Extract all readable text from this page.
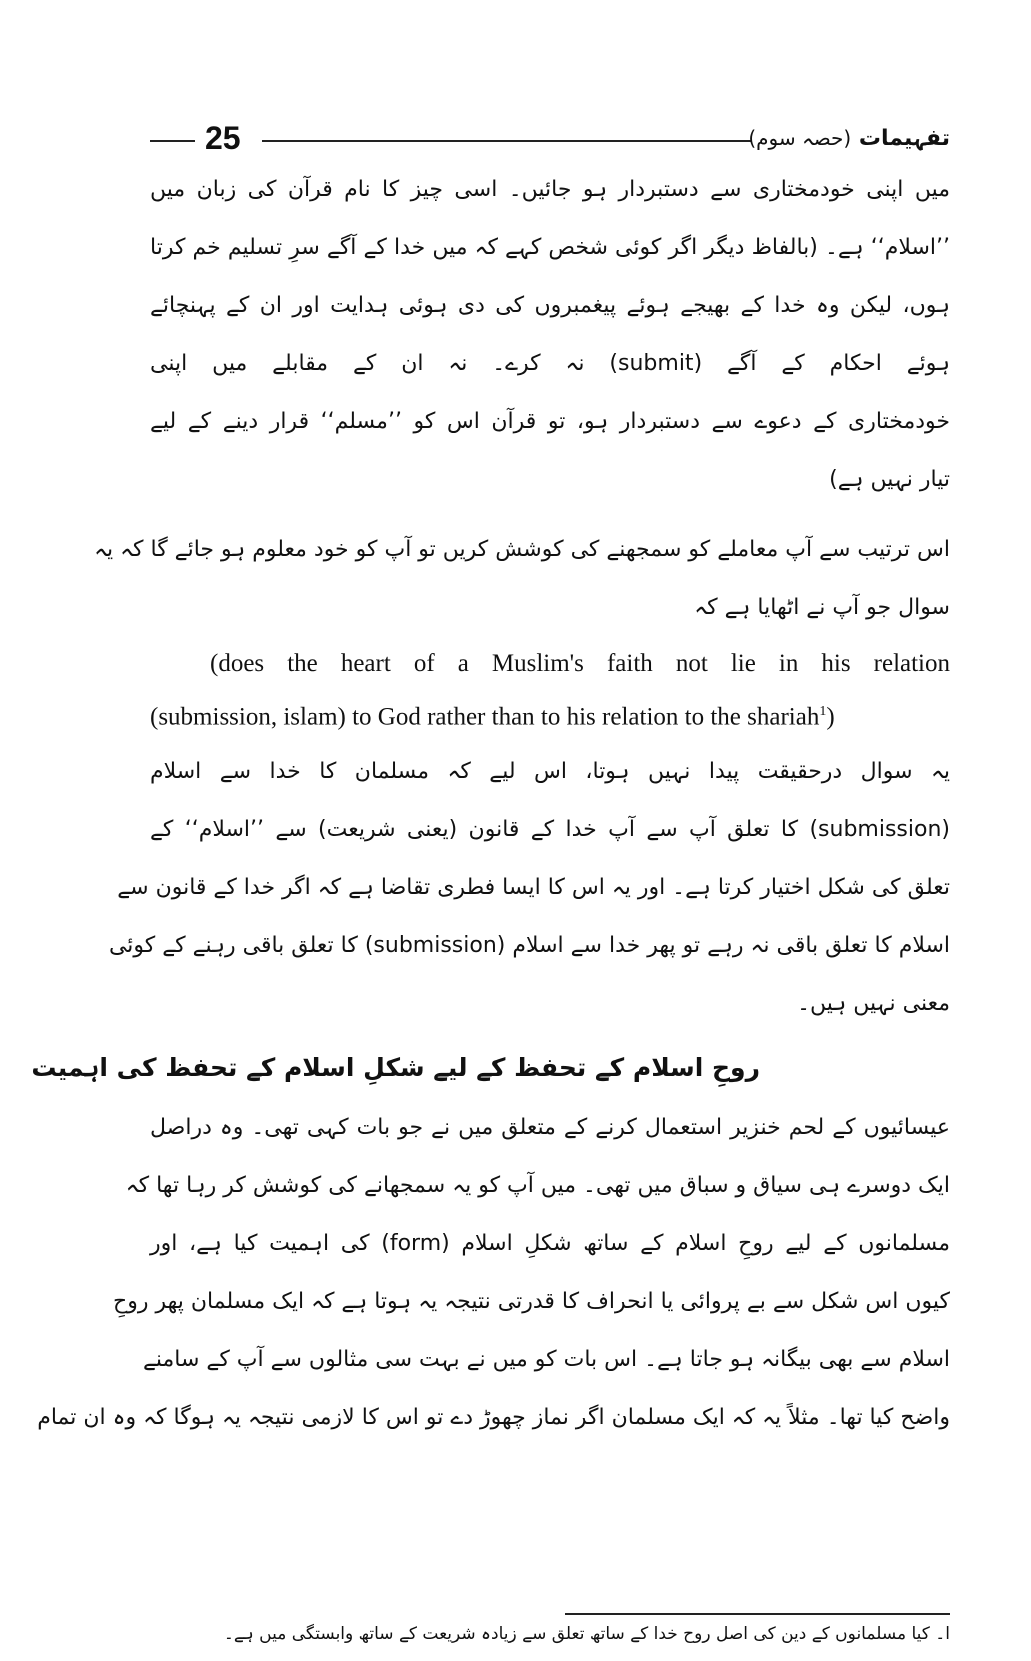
25	تفہیمات (حصہ سوم)
میں اپنی خودمختاری سے دستبردار ہو جائیں۔ اسی چیز کا نام قرآن کی زبان میں
’’اسلام‘‘ ہے۔ (بالفاظ دیگر اگر کوئی شخص کہے کہ میں خدا کے آگے سرِ تسلیم خم کرتا
ہوں، لیکن وہ خدا کے بھیجے ہوئے پیغمبروں کی دی ہوئی ہدایت اور ان کے پہنچائے
ہوئے احکام کے آگے (submit) نہ کرے۔ نہ ان کے مقابلے میں اپنی
خودمختاری کے دعوے سے دستبردار ہو، تو قرآن اس کو ’’مسلم‘‘ قرار دینے کے لیے
تیار نہیں ہے)
اس ترتیب سے آپ معاملے کو سمجھنے کی کوشش کریں تو آپ کو خود معلوم ہو جائے گا کہ یہ
سوال جو آپ نے اٹھایا ہے کہ
(does the heart of a Muslim's faith not lie in his relation
(submission, islam) to God rather than to his relation to the shariah$^1$)
یہ سوال درحقیقت پیدا نہیں ہوتا، اس لیے کہ مسلمان کا خدا سے اسلام
(submission) کا تعلق آپ سے آپ خدا کے قانون (یعنی شریعت) سے ’’اسلام‘‘ کے
تعلق کی شکل اختیار کرتا ہے۔ اور یہ اس کا ایسا فطری تقاضا ہے کہ اگر خدا کے قانون سے
اسلام کا تعلق باقی نہ رہے تو پھر خدا سے اسلام (submission) کا تعلق باقی رہنے کے کوئی
معنی نہیں ہیں۔
روحِ اسلام کے تحفظ کے لیے شکلِ اسلام کے تحفظ کی اہمیت
عیسائیوں کے لحم خنزیر استعمال کرنے کے متعلق میں نے جو بات کہی تھی۔ وہ دراصل
ایک دوسرے ہی سیاق و سباق میں تھی۔ میں آپ کو یہ سمجھانے کی کوشش کر رہا تھا کہ
مسلمانوں کے لیے روحِ اسلام کے ساتھ شکلِ اسلام (form) کی اہمیت کیا ہے، اور
کیوں اس شکل سے بے پروائی یا انحراف کا قدرتی نتیجہ یہ ہوتا ہے کہ ایک مسلمان پھر روحِ
اسلام سے بھی بیگانہ ہو جاتا ہے۔ اس بات کو میں نے بہت سی مثالوں سے آپ کے سامنے
واضح کیا تھا۔ مثلاً یہ کہ ایک مسلمان اگر نماز چھوڑ دے تو اس کا لازمی نتیجہ یہ ہوگا کہ وہ ان تمام
ا۔ کیا مسلمانوں کے دین کی اصل روح خدا کے ساتھ تعلق سے زیادہ شریعت کے ساتھ وابستگی میں ہے۔
